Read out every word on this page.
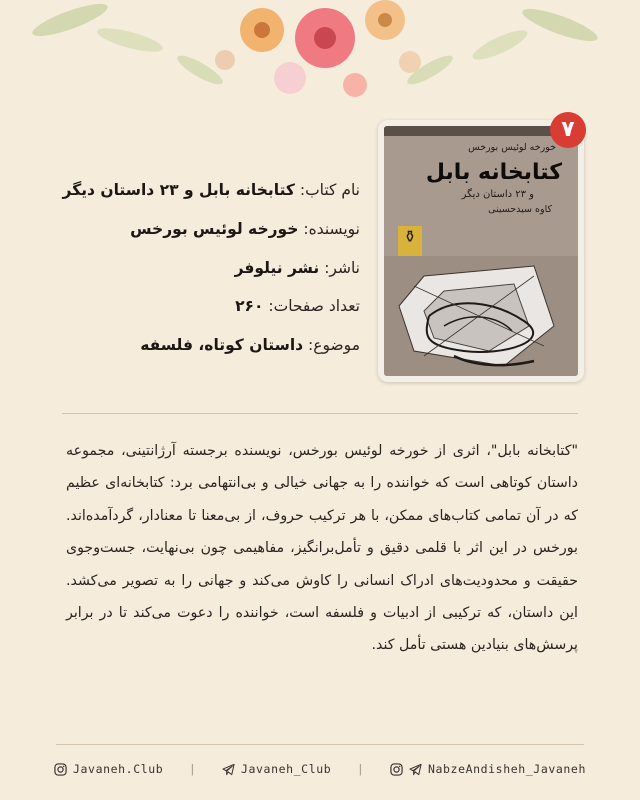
خورخه لوئیس بورخس
کتابخانه بابل
و ۲۳ داستان دیگر
کاوه سیدحسینی
⚱
۷
نام کتاب: کتابخانه بابل و ۲۳ داستان دیگر
نویسنده: خورخه لوئیس بورخس
ناشر: نشر نیلوفر
تعداد صفحات: ۲۶۰
موضوع: داستان کوتاه، فلسفه
"کتابخانه بابل"، اثری از خورخه لوئیس بورخس، نویسنده برجسته آرژانتینی، مجموعه داستان کوتاهی است که خواننده را به جهانی خیالی و بی‌انتهامی برد: کتابخانه‌ای عظیم که در آن تمامی کتاب‌های ممکن، با هر ترکیب حروف، از بی‌معنا تا معنادار، گردآمده‌اند. بورخس در این اثر با قلمی دقیق و تأمل‌برانگیز، مفاهیمی چون بی‌نهایت، جست‌وجوی حقیقت و محدودیت‌های ادراک انسانی را کاوش می‌کند و جهانی را به تصویر می‌کشد. این داستان، که ترکیبی از ادبیات و فلسفه است، خواننده را دعوت می‌کند تا در برابر پرسش‌های بنیادین هستی تأمل کند.
Javaneh.Club |	Javaneh_Club |	NabzeAndisheh_Javaneh
